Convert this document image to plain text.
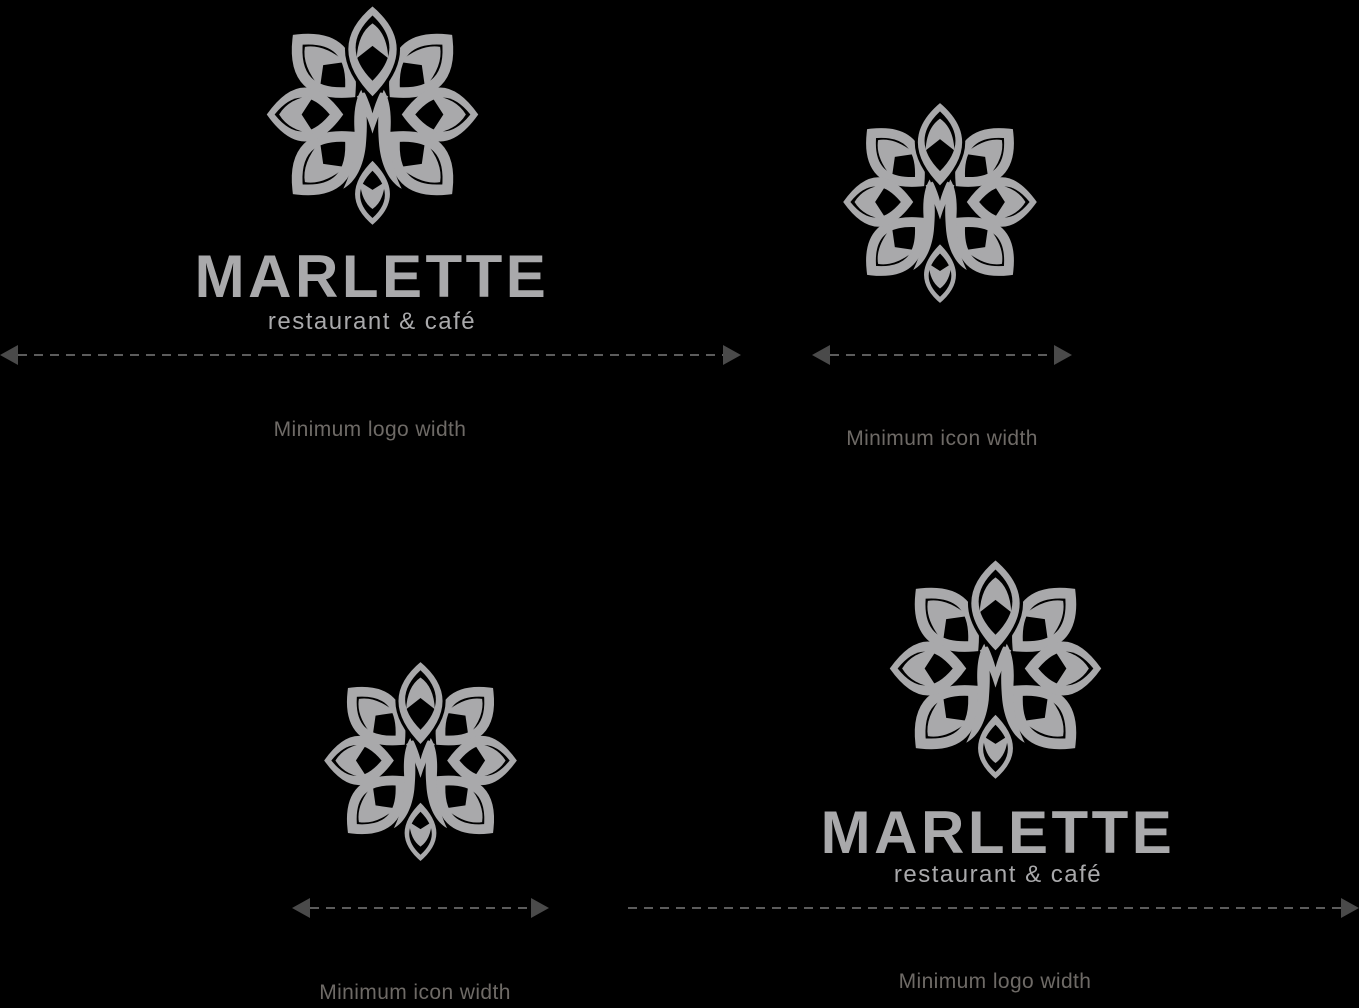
MARLETTE
restaurant & café
Minimum logo width	Minimum icon width
Minimum icon width
MARLETTE
restaurant & café
Minimum logo width
